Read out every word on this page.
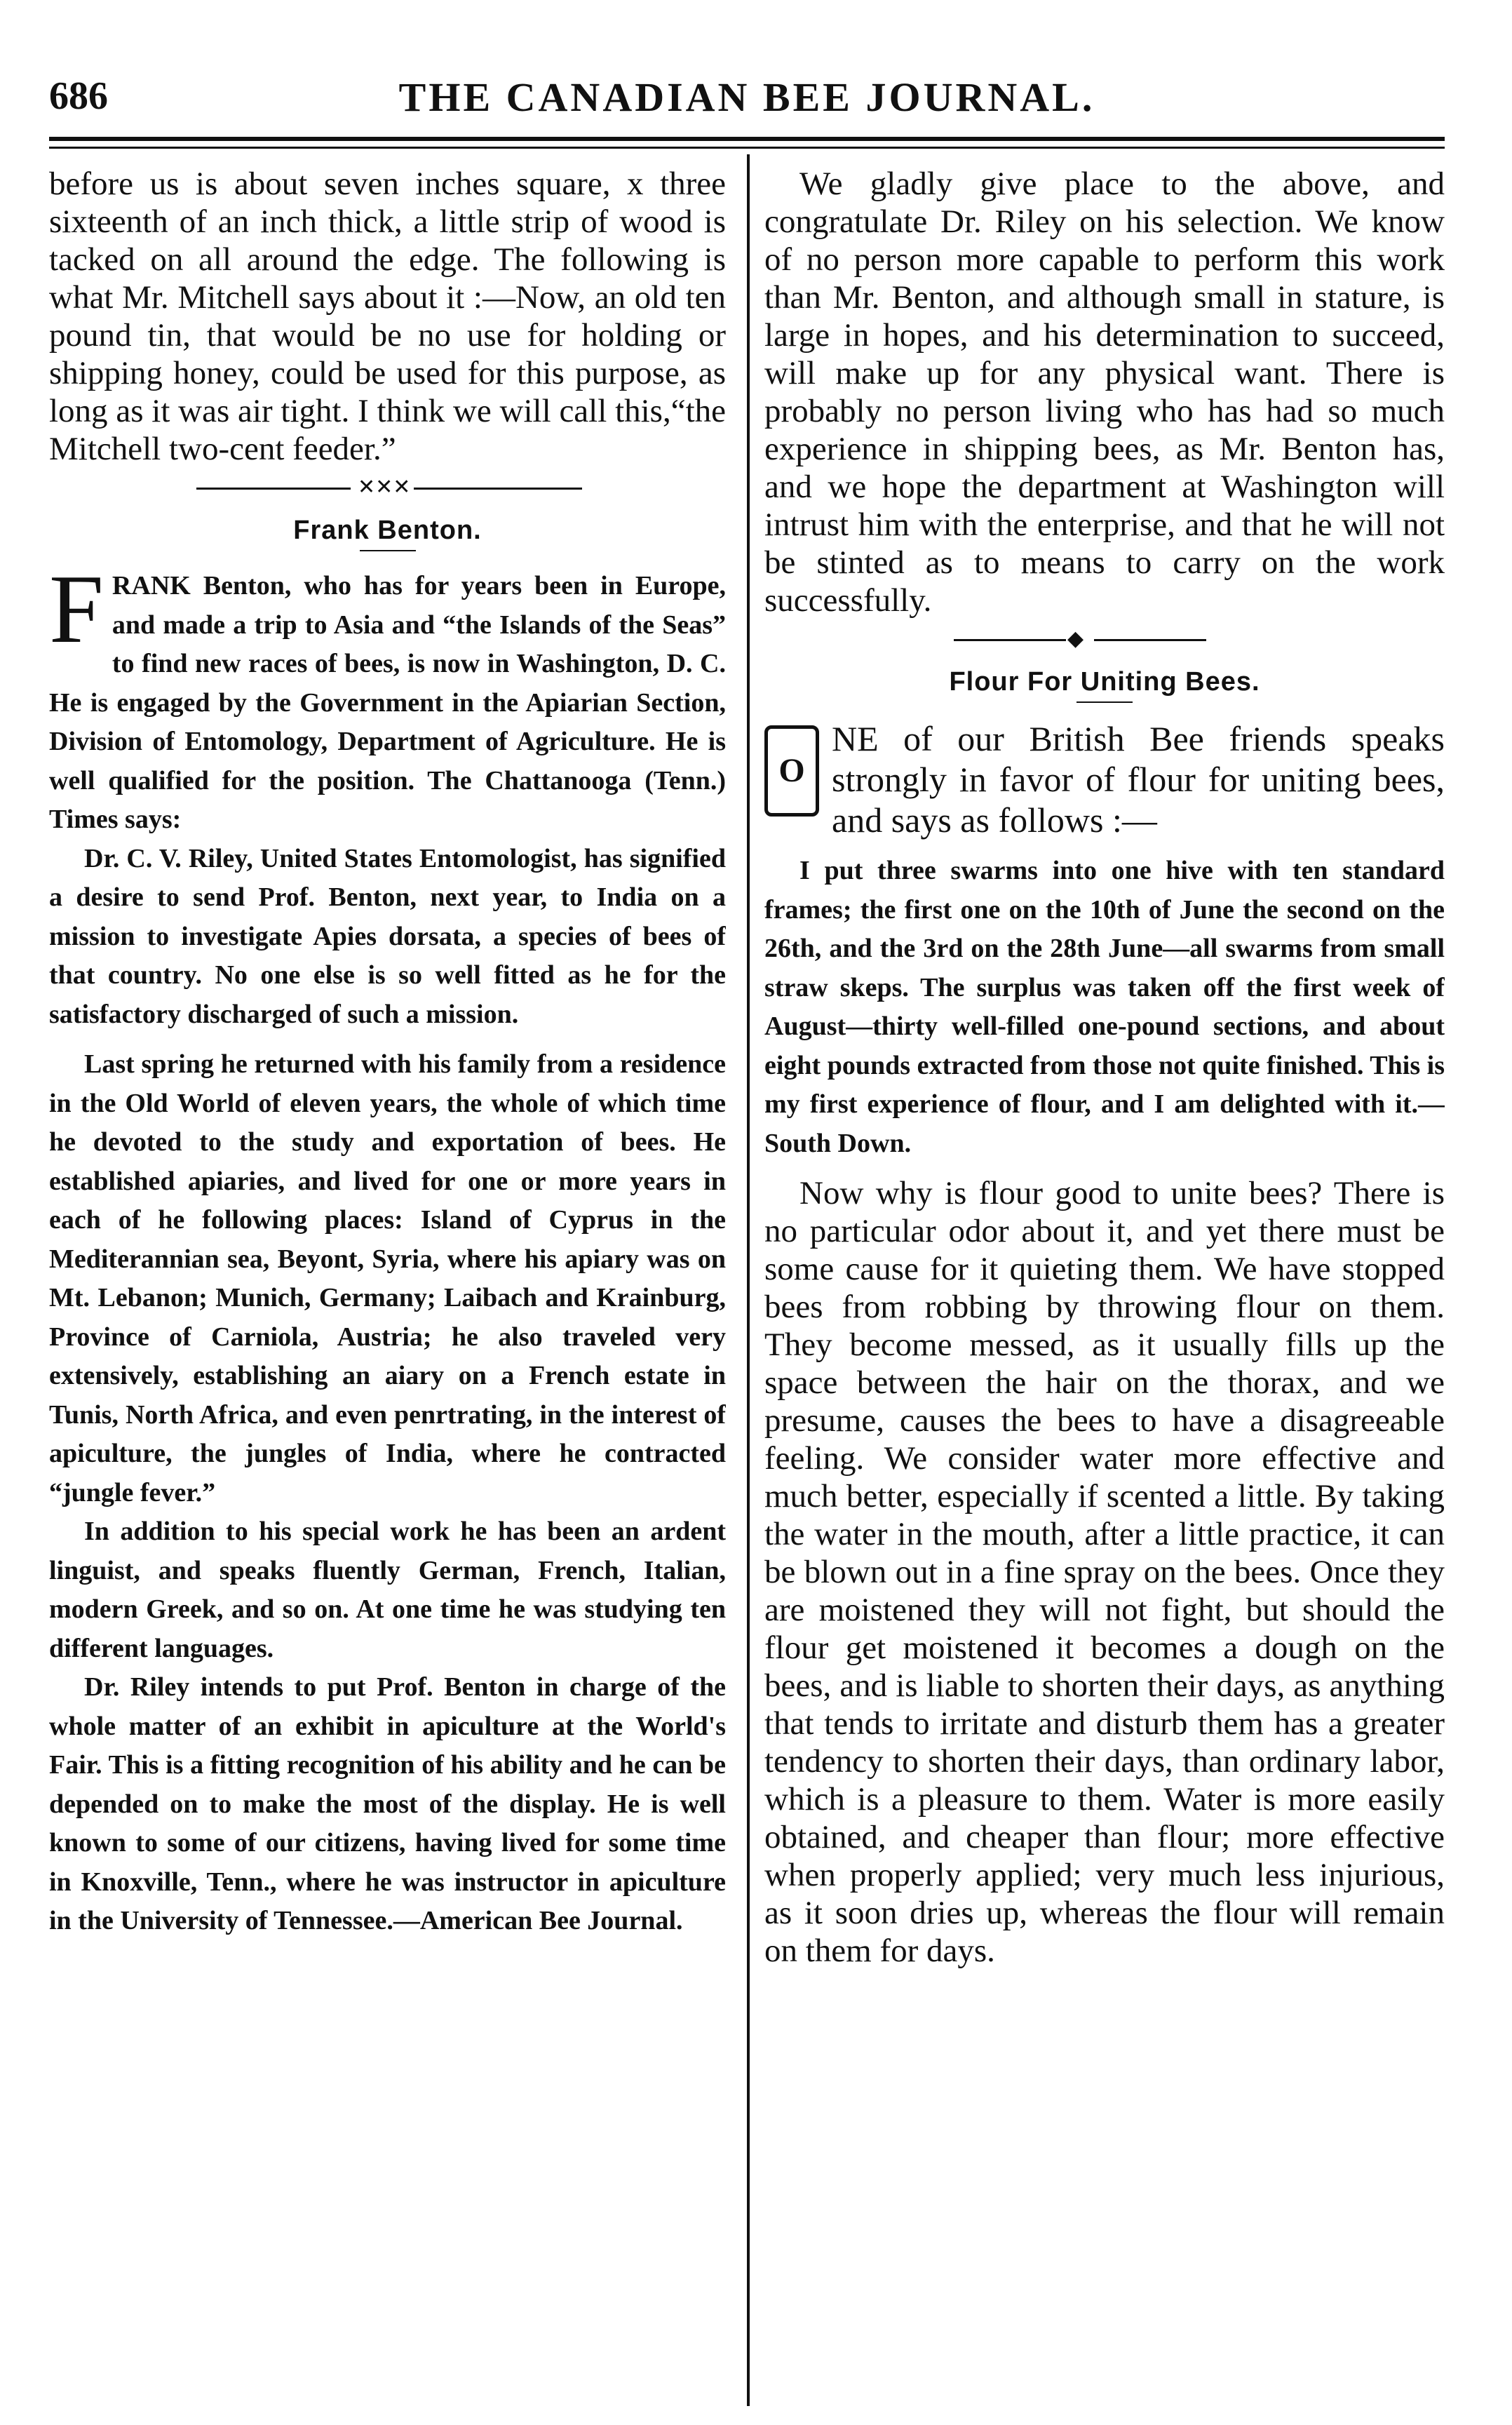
686	THE CANADIAN BEE JOURNAL.

before us is about seven inches square, x three sixteenth of an inch thick, a little strip of wood is tacked on all around the edge. The following is what Mr. Mitchell says about it :—Now, an old ten pound tin, that would be no use for holding or shipping honey, could be used for this purpose, as long as it was air tight. I think we will call this,“the Mitchell two-cent feeder.”

✕✕✕
Frank Benton.

FRANK Benton, who has for years been in Europe, and made a trip to Asia and “the Islands of the Seas” to find new races of bees, is now in Washington, D. C. He is engaged by the Government in the Apiarian Section, Division of Entomology, Department of Agriculture. He is well qualified for the position. The Chattanooga (Tenn.) Times says:

Dr. C. V. Riley, United States Entomologist, has signified a desire to send Prof. Benton, next year, to India on a mission to investigate Apies dorsata, a species of bees of that country. No one else is so well fitted as he for the satisfactory discharged of such a mission.

Last spring he returned with his family from a residence in the Old World of eleven years, the whole of which time he devoted to the study and exportation of bees. He established apiaries, and lived for one or more years in each of he following places: Island of Cyprus in the Mediterannian sea, Beyont, Syria, where his apiary was on Mt. Lebanon; Munich, Germany; Laibach and Krainburg, Province of Carniola, Austria; he also traveled very extensively, establishing an aiary on a French estate in Tunis, North Africa, and even penrtrating, in the interest of apiculture, the jungles of India, where he contracted “jungle fever.”

In addition to his special work he has been an ardent linguist, and speaks fluently German, French, Italian, modern Greek, and so on. At one time he was studying ten different languages.

Dr. Riley intends to put Prof. Benton in charge of the whole matter of an exhibit in apiculture at the World's Fair. This is a fitting recognition of his ability and he can be depended on to make the most of the display. He is well known to some of our citizens, having lived for some time in Knoxville, Tenn., where he was instructor in apiculture in the University of Tennessee.—American Bee Journal.

We gladly give place to the above, and congratulate Dr. Riley on his selection. We know of no person more capable to perform this work than Mr. Benton, and although small in stature, is large in hopes, and his determination to succeed, will make up for any physical want. There is probably no person living who has had so much experience in shipping bees, as Mr. Benton has, and we hope the department at Washington will intrust him with the enterprise, and that he will not be stinted as to means to carry on the work successfully.

◆
Flour For Uniting Bees.

O
NE of our British Bee friends speaks strongly in favor of flour for uniting bees, and says as follows :—

I put three swarms into one hive with ten standard frames; the first one on the 10th of June the second on the 26th, and the 3rd on the 28th June—all swarms from small straw skeps. The surplus was taken off the first week of August—thirty well-filled one-pound sections, and about eight pounds extracted from those not quite finished. This is my first experience of flour, and I am delighted with it.—South Down.

Now why is flour good to unite bees? There is no particular odor about it, and yet there must be some cause for it quieting them. We have stopped bees from robbing by throwing flour on them. They become messed, as it usually fills up the space between the hair on the thorax, and we presume, causes the bees to have a disagreeable feeling. We consider water more effective and much better, especially if scented a little. By taking the water in the mouth, after a little practice, it can be blown out in a fine spray on the bees. Once they are moistened they will not fight, but should the flour get moistened it becomes a dough on the bees, and is liable to shorten their days, as anything that tends to irritate and disturb them has a greater tendency to shorten their days, than ordinary labor, which is a pleasure to them. Water is more easily obtained, and cheaper than flour; more effective when properly applied; very much less injurious, as it soon dries up, whereas the flour will remain on them for days.
